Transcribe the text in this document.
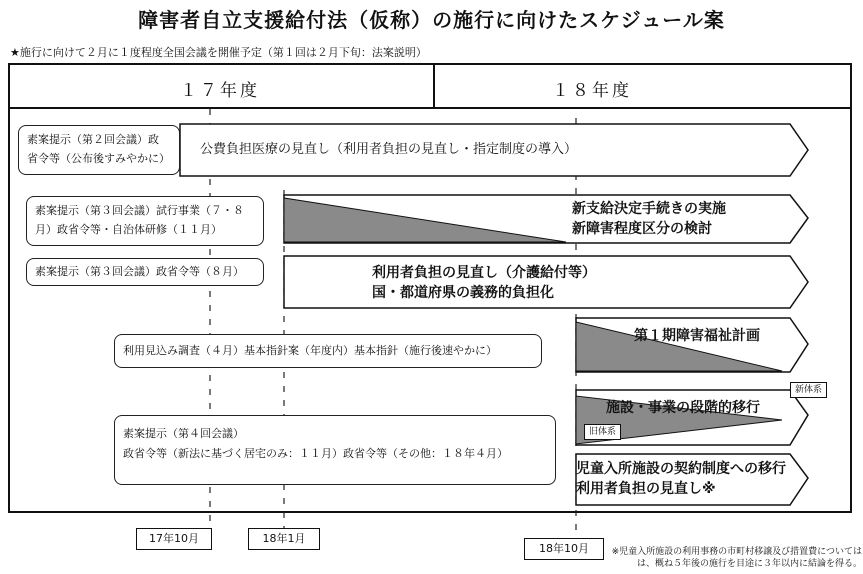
障害者自立支援給付法（仮称）の施行に向けたスケジュール案
★施行に向けて２月に１度程度全国会議を開催予定（第１回は２月下旬：法案説明）
１７年度	１８年度
素案提示（第２回会議）政
省令等（公布後すみやかに）
素案提示（第３回会議）試行事業（７・８
月）政省令等・自治体研修（１１月）
素案提示（第３回会議）政省令等（８月）
利用見込み調査（４月）基本指針案（年度内）基本指針（施行後速やかに）
素案提示（第４回会議）
政省令等（新法に基づく居宅のみ：１１月）政省令等（その他：１８年４月）
公費負担医療の見直し（利用者負担の見直し・指定制度の導入）
新支給決定手続きの実施
新障害程度区分の検討
利用者負担の見直し（介護給付等）
国・都道府県の義務的負担化
第１期障害福祉計画
施設・事業の段階的移行
旧体系
新体系
児童入所施設の契約制度への移行
利用者負担の見直し※
17年10月	18年1月
18年10月	※児童入所施設の利用事務の市町村移譲及び措置費については
は、概ね５年後の施行を目途に３年以内に結論を得る。
